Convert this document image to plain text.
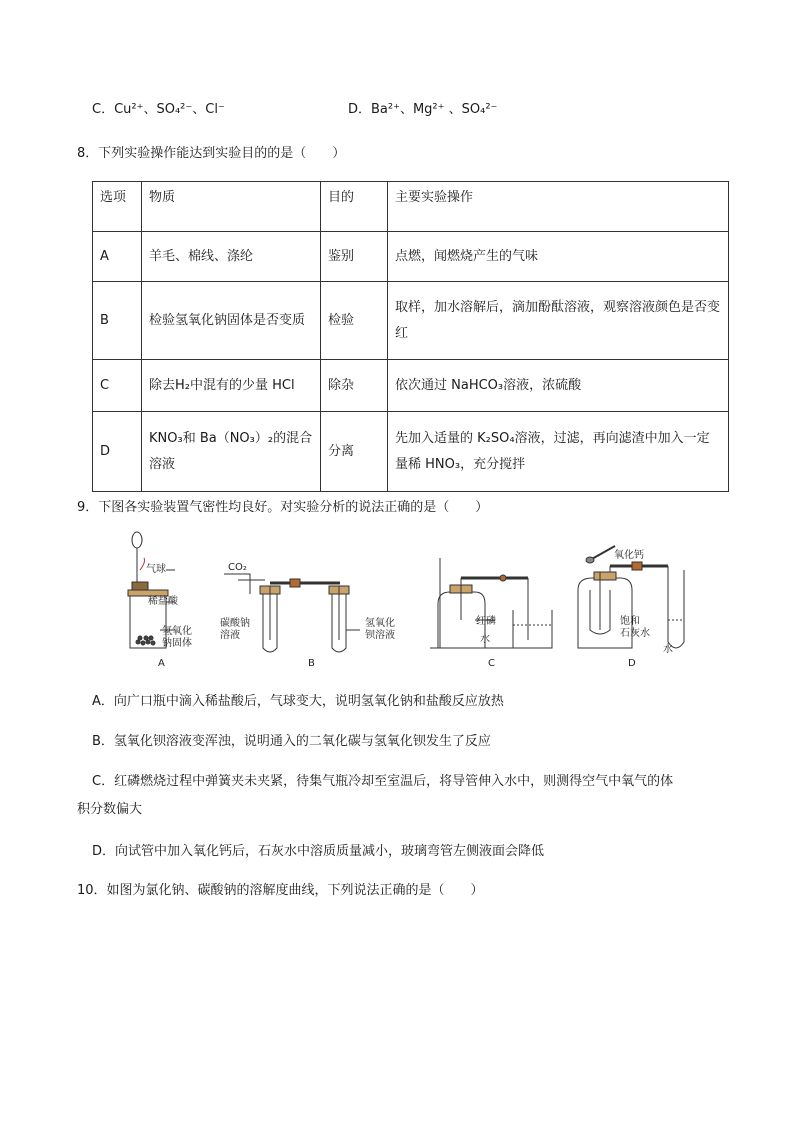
C．Cu²⁺、SO₄²⁻、Cl⁻	D．Ba²⁺、Mg²⁺ 、SO₄²⁻
8．下列实验操作能达到实验目的的是（　　）
选项	物质	目的	主要实验操作
A	羊毛、棉线、涤纶	鉴别	点燃，闻燃烧产生的气味
B	检验氢氧化钠固体是否变质	检验	取样，加水溶解后，滴加酚酞溶液，观察溶液颜色是否变红
C	除去H₂中混有的少量 HCl	除杂	依次通过 NaHCO₃溶液，浓硫酸
D	KNO₃和 Ba（NO₃）₂的混合溶液	分离	先加入适量的 K₂SO₄溶液，过滤，再向滤渣中加入一定量稀 HNO₃，充分搅拌
9．下图各实验装置气密性均良好。对实验分析的说法正确的是（　　）
气球
稀盐酸
氢氧化
钠固体
CO₂
碳酸钠
溶液
氢氧化
钡溶液
红磷
水
氧化钙
饱和
石灰水
水
A	B	C	D
A．向广口瓶中滴入稀盐酸后，气球变大，说明氢氧化钠和盐酸反应放热
B．氢氧化钡溶液变浑浊，说明通入的二氧化碳与氢氧化钡发生了反应
C．红磷燃烧过程中弹簧夹未夹紧，待集气瓶冷却至室温后，将导管伸入水中，则测得空气中氧气的体
积分数偏大
D．向试管中加入氧化钙后，石灰水中溶质质量减小，玻璃弯管左侧液面会降低
10．如图为氯化钠、碳酸钠的溶解度曲线，下列说法正确的是（　　）
